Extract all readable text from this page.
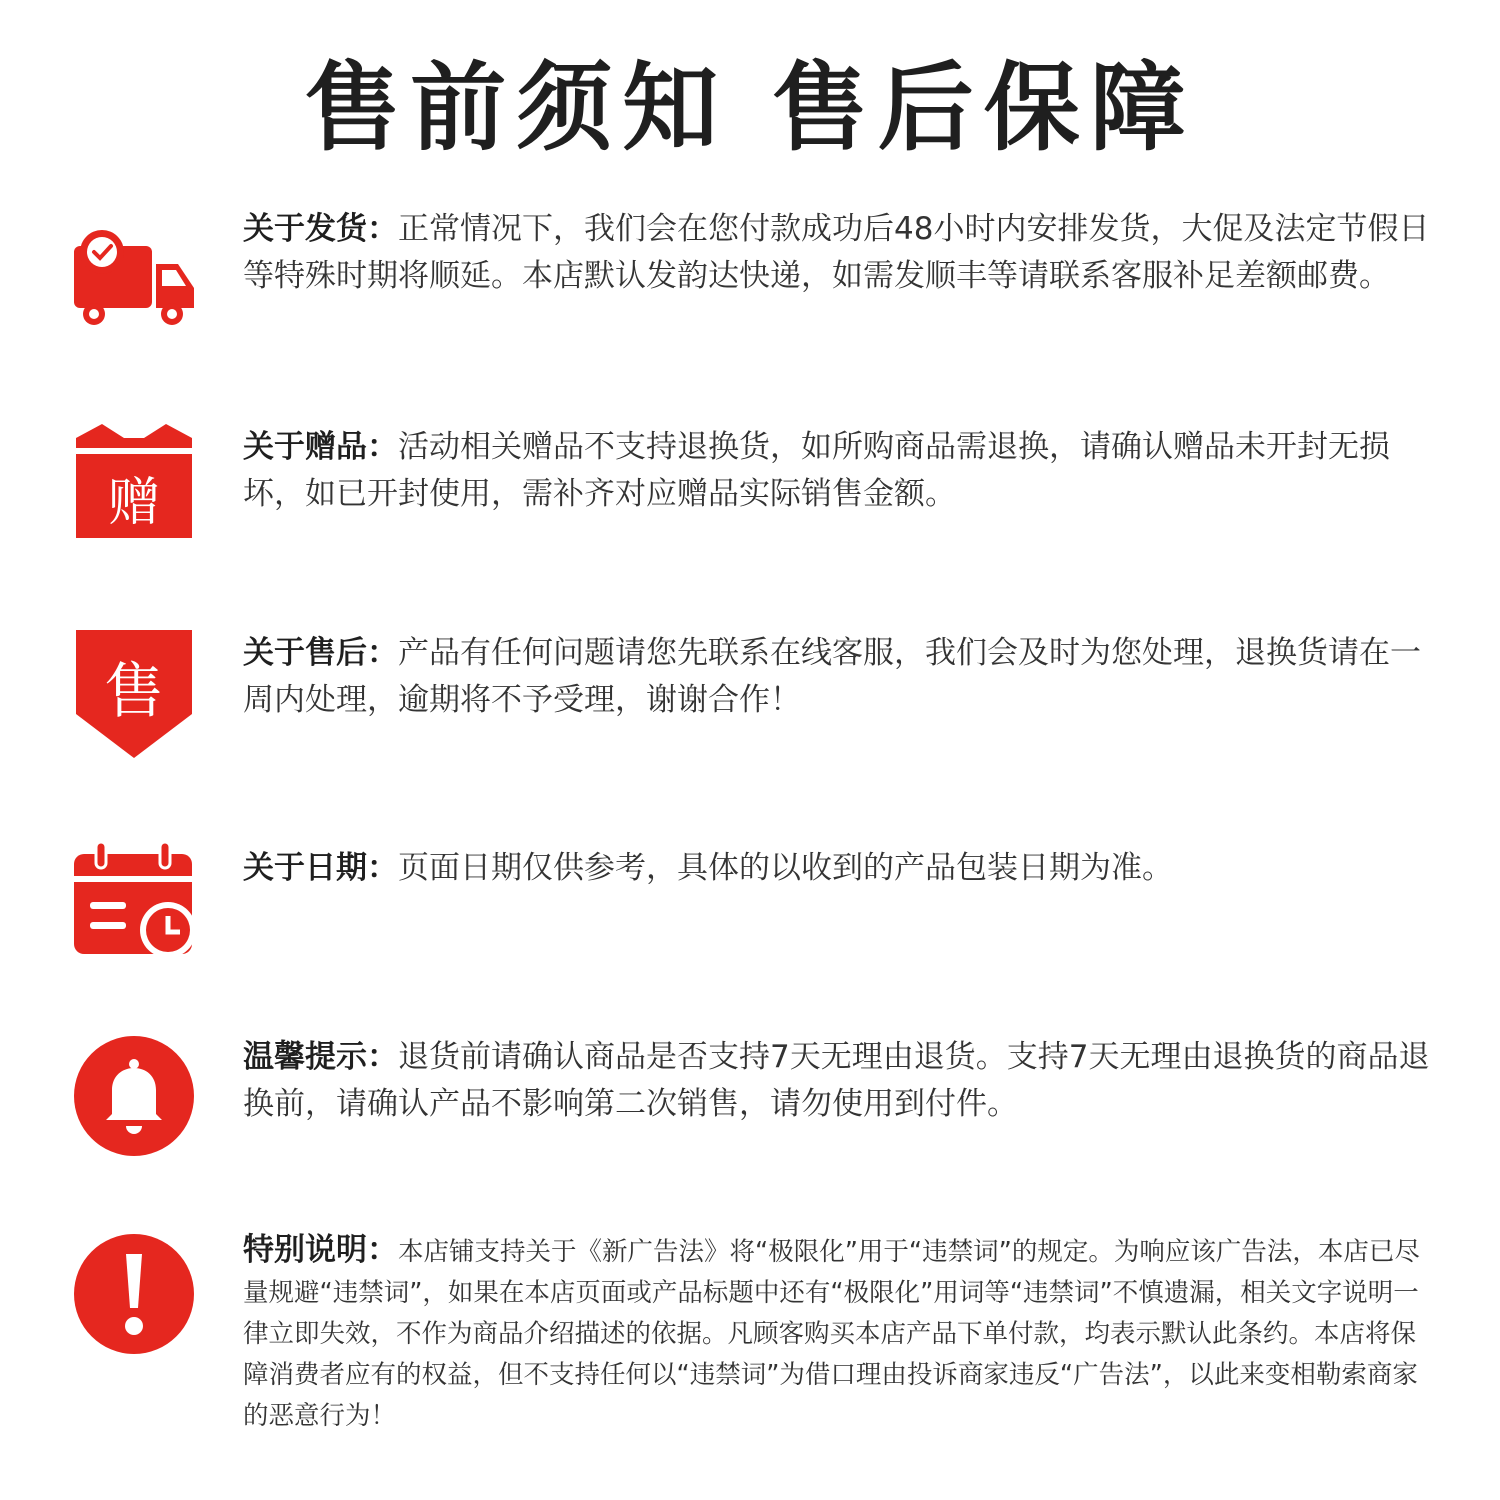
售前须知 售后保障
关于发货：正常情况下，我们会在您付款成功后48小时内安排发货，大促及法定节假日等特殊时期将顺延。本店默认发韵达快递，如需发顺丰等请联系客服补足差额邮费。
赠
关于赠品：活动相关赠品不支持退换货，如所购商品需退换，请确认赠品未开封无损坏，如已开封使用，需补齐对应赠品实际销售金额。
售
关于售后：产品有任何问题请您先联系在线客服，我们会及时为您处理，退换货请在一周内处理，逾期将不予受理，谢谢合作！
关于日期：页面日期仅供参考，具体的以收到的产品包装日期为准。
温馨提示：退货前请确认商品是否支持7天无理由退货。支持7天无理由退换货的商品退换前，请确认产品不影响第二次销售，请勿使用到付件。
特别说明：本店铺支持关于《新广告法》将“极限化”用于“违禁词”的规定。为响应该广告法，本店已尽量规避“违禁词”，如果在本店页面或产品标题中还有“极限化”用词等“违禁词”不慎遗漏，相关文字说明一律立即失效，不作为商品介绍描述的依据。凡顾客购买本店产品下单付款，均表示默认此条约。本店将保障消费者应有的权益，但不支持任何以“违禁词”为借口理由投诉商家违反“广告法”，以此来变相勒索商家的恶意行为！
